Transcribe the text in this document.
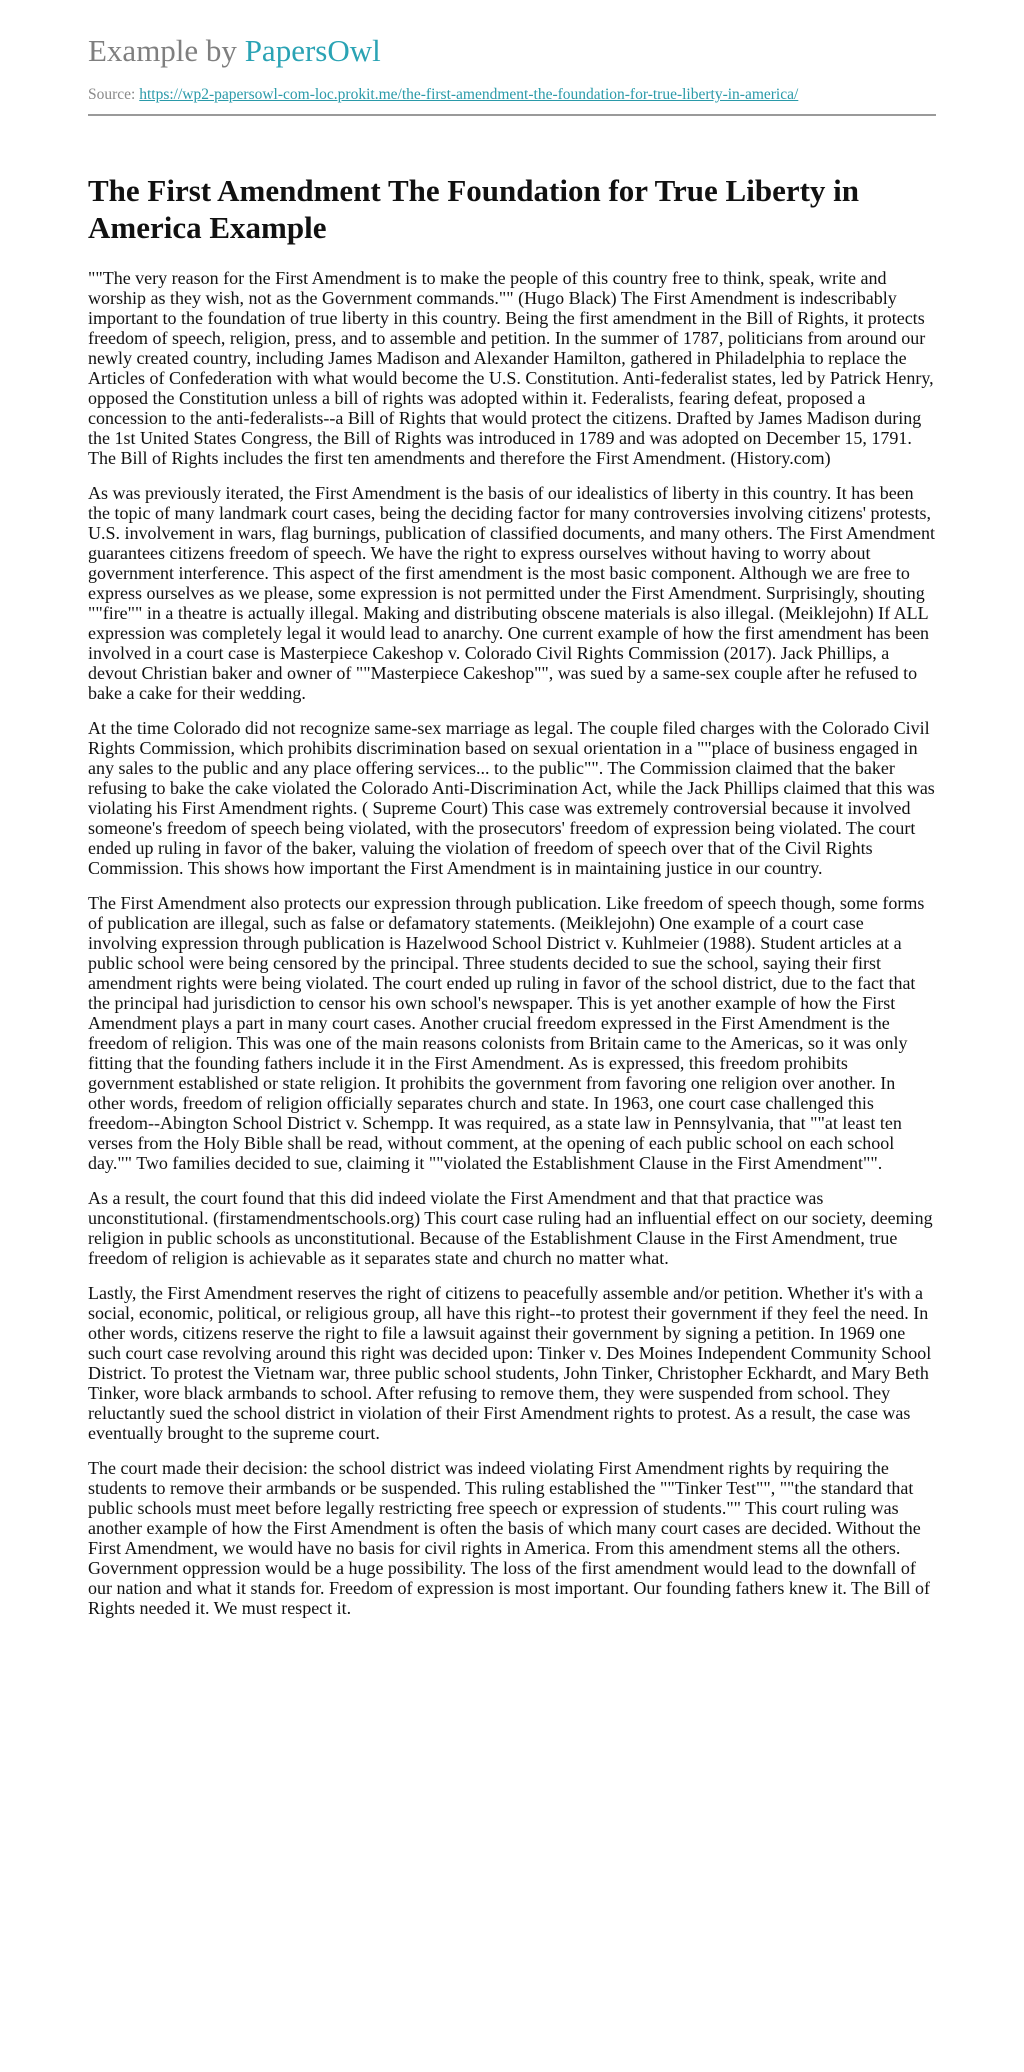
Example by PapersOwl
Source: https://wp2-papersowl-com-loc.prokit.me/the-first-amendment-the-foundation-for-true-liberty-in-america/
The First Amendment The Foundation for True Liberty in America Example

""The very reason for the First Amendment is to make the people of this country free to think, speak, write and worship as they wish, not as the Government commands."" (Hugo Black) The First Amendment is indescribably important to the foundation of true liberty in this country. Being the first amendment in the Bill of Rights, it protects freedom of speech, religion, press, and to assemble and petition. In the summer of 1787, politicians from around our newly created country, including James Madison and Alexander Hamilton, gathered in Philadelphia to replace the Articles of Confederation with what would become the U.S. Constitution. Anti-federalist states, led by Patrick Henry, opposed the Constitution unless a bill of rights was adopted within it. Federalists, fearing defeat, proposed a concession to the anti-federalists--a Bill of Rights that would protect the citizens. Drafted by James Madison during the 1st United States Congress, the Bill of Rights was introduced in 1789 and was adopted on December 15, 1791. The Bill of Rights includes the first ten amendments and therefore the First Amendment. (History.com)

As was previously iterated, the First Amendment is the basis of our idealistics of liberty in this country. It has been the topic of many landmark court cases, being the deciding factor for many controversies involving citizens' protests, U.S. involvement in wars, flag burnings, publication of classified documents, and many others. The First Amendment guarantees citizens freedom of speech. We have the right to express ourselves without having to worry about government interference. This aspect of the first amendment is the most basic component. Although we are free to express ourselves as we please, some expression is not permitted under the First Amendment. Surprisingly, shouting ""fire"" in a theatre is actually illegal. Making and distributing obscene materials is also illegal. (Meiklejohn) If ALL expression was completely legal it would lead to anarchy. One current example of how the first amendment has been involved in a court case is Masterpiece Cakeshop v. Colorado Civil Rights Commission (2017). Jack Phillips, a devout Christian baker and owner of ""Masterpiece Cakeshop"", was sued by a same-sex couple after he refused to bake a cake for their wedding.

At the time Colorado did not recognize same-sex marriage as legal. The couple filed charges with the Colorado Civil Rights Commission, which prohibits discrimination based on sexual orientation in a ""place of business engaged in any sales to the public and any place offering services... to the public"". The Commission claimed that the baker refusing to bake the cake violated the Colorado Anti-Discrimination Act, while the Jack Phillips claimed that this was violating his First Amendment rights. ( Supreme Court) This case was extremely controversial because it involved someone's freedom of speech being violated, with the prosecutors' freedom of expression being violated. The court ended up ruling in favor of the baker, valuing the violation of freedom of speech over that of the Civil Rights Commission. This shows how important the First Amendment is in maintaining justice in our country.

The First Amendment also protects our expression through publication. Like freedom of speech though, some forms of publication are illegal, such as false or defamatory statements. (Meiklejohn) One example of a court case involving expression through publication is Hazelwood School District v. Kuhlmeier (1988). Student articles at a public school were being censored by the principal. Three students decided to sue the school, saying their first amendment rights were being violated. The court ended up ruling in favor of the school district, due to the fact that the principal had jurisdiction to censor his own school's newspaper. This is yet another example of how the First Amendment plays a part in many court cases. Another crucial freedom expressed in the First Amendment is the freedom of religion. This was one of the main reasons colonists from Britain came to the Americas, so it was only fitting that the founding fathers include it in the First Amendment. As is expressed, this freedom prohibits government established or state religion. It prohibits the government from favoring one religion over another. In other words, freedom of religion officially separates church and state. In 1963, one court case challenged this freedom--Abington School District v. Schempp. It was required, as a state law in Pennsylvania, that ""at least ten verses from the Holy Bible shall be read, without comment, at the opening of each public school on each school day."" Two families decided to sue, claiming it ""violated the Establishment Clause in the First Amendment"".

As a result, the court found that this did indeed violate the First Amendment and that that practice was unconstitutional. (firstamendmentschools.org) This court case ruling had an influential effect on our society, deeming religion in public schools as unconstitutional. Because of the Establishment Clause in the First Amendment, true freedom of religion is achievable as it separates state and church no matter what.

Lastly, the First Amendment reserves the right of citizens to peacefully assemble and/or petition. Whether it's with a social, economic, political, or religious group, all have this right--to protest their government if they feel the need. In other words, citizens reserve the right to file a lawsuit against their government by signing a petition. In 1969 one such court case revolving around this right was decided upon: Tinker v. Des Moines Independent Community School District. To protest the Vietnam war, three public school students, John Tinker, Christopher Eckhardt, and Mary Beth Tinker, wore black armbands to school. After refusing to remove them, they were suspended from school. They reluctantly sued the school district in violation of their First Amendment rights to protest. As a result, the case was eventually brought to the supreme court.

The court made their decision: the school district was indeed violating First Amendment rights by requiring the students to remove their armbands or be suspended. This ruling established the ""Tinker Test"", ""the standard that public schools must meet before legally restricting free speech or expression of students."" This court ruling was another example of how the First Amendment is often the basis of which many court cases are decided. Without the First Amendment, we would have no basis for civil rights in America. From this amendment stems all the others. Government oppression would be a huge possibility. The loss of the first amendment would lead to the downfall of our nation and what it stands for. Freedom of expression is most important. Our founding fathers knew it. The Bill of Rights needed it. We must respect it.
